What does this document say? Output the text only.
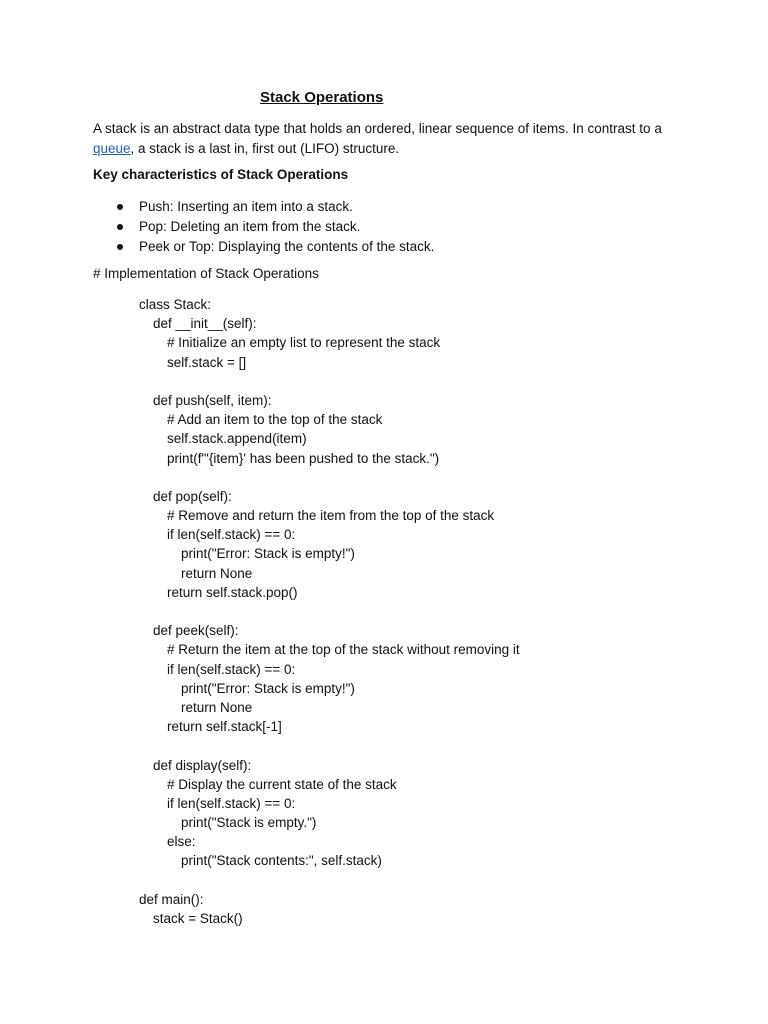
Stack Operations
A stack is an abstract data type that holds an ordered, linear sequence of items. In contrast to a queue, a stack is a last in, first out (LIFO) structure.
Key characteristics of Stack Operations
Push: Inserting an item into a stack.
Pop: Deleting an item from the stack.
Peek or Top: Displaying the contents of the stack.
# Implementation of Stack Operations
class Stack:
def __init__(self):
# Initialize an empty list to represent the stack
self.stack = []
def push(self, item):
# Add an item to the top of the stack
self.stack.append(item)
print(f"'{item}' has been pushed to the stack.")
def pop(self):
# Remove and return the item from the top of the stack
if len(self.stack) == 0:
print("Error: Stack is empty!")
return None
return self.stack.pop()
def peek(self):
# Return the item at the top of the stack without removing it
if len(self.stack) == 0:
print("Error: Stack is empty!")
return None
return self.stack[-1]
def display(self):
# Display the current state of the stack
if len(self.stack) == 0:
print("Stack is empty.")
else:
print("Stack contents:", self.stack)
def main():
stack = Stack()
